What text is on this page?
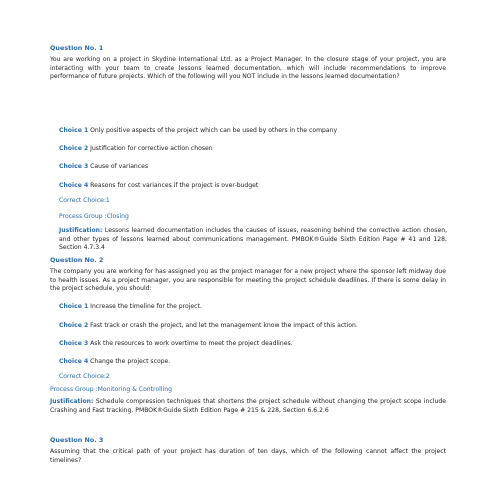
Question No. 1

You are working on a project in Skydine International Ltd. as a Project Manager. In the closure stage of your project, you are interacting with your team to create lessons learned documentation, which will include recommendations to improve performance of future projects. Which of the following will you NOT include in the lessons learned documentation?

Choice 1 Only positive aspects of the project which can be used by others in the company
Choice 2 Justification for corrective action chosen
Choice 3 Cause of variances
Choice 4 Reasons for cost variances if the project is over-budget
Correct Choice:1
Process Group :Closing

Justification: Lessons learned documentation includes the causes of issues, reasoning behind the corrective action chosen, and other types of lessons learned about communications management. PMBOK®Guide Sixth Edition Page # 41 and 128, Section 4.7.3.4

Question No. 2

The company you are working for has assigned you as the project manager for a new project where the sponsor left midway due to health issues. As a project manager, you are responsible for meeting the project schedule deadlines. If there is some delay in the project schedule, you should:

Choice 1 Increase the timeline for the project.
Choice 2 Fast track or crash the project, and let the management know the impact of this action.
Choice 3 Ask the resources to work overtime to meet the project deadlines.
Choice 4 Change the project scope.
Correct Choice:2
Process Group :Monitoring & Controlling

Justification: Schedule compression techniques that shortens the project schedule without changing the project scope include Crashing and Fast tracking. PMBOK®Guide Sixth Edition Page # 215 & 228, Section 6.6.2.6

Question No. 3

Assuming that the critical path of your project has duration of ten days, which of the following cannot affect the project timelines?
